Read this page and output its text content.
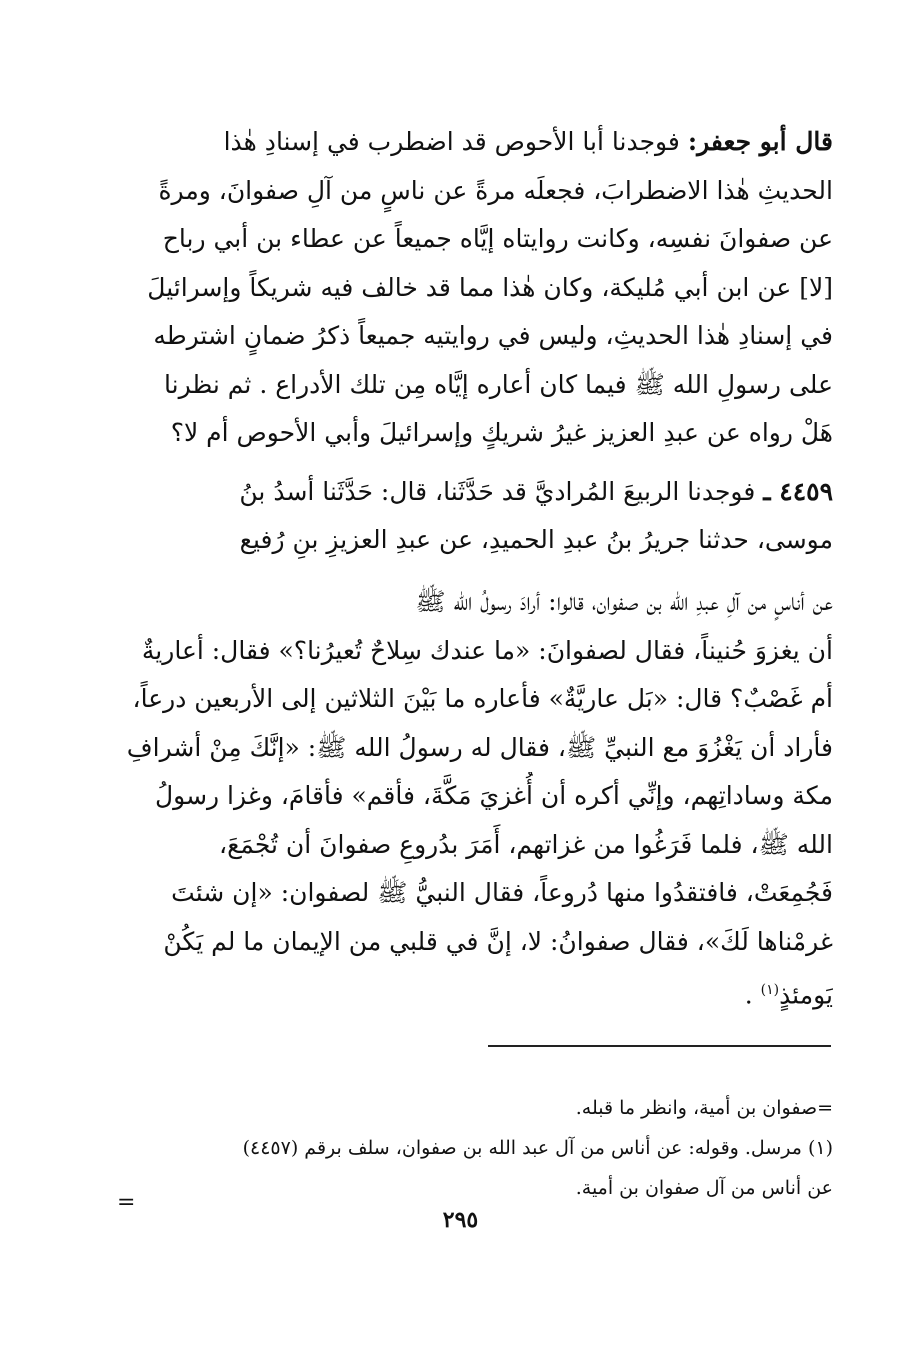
قال أبو جعفر: فوجدنا أبا الأحوص قد اضطرب في إسنادِ هٰذا
الحديثِ هٰذا الاضطرابَ، فجعلَه مرةً عن ناسٍ من آلِ صفوانَ، ومرةً
عن صفوانَ نفسِه، وكانت روايتاه إيَّاه جميعاً عن عطاء بن أبي رباح
[لا] عن ابن أبي مُليكة، وكان هٰذا مما قد خالف فيه شريكاً وإسرائيلَ
في إسنادِ هٰذا الحديثِ، وليس في روايتيه جميعاً ذكرُ ضمانٍ اشترطه
على رسولِ الله ﷺ فيما كان أعاره إيَّاه مِن تلك الأدراع . ثم نظرنا
هَلْ رواه عن عبدِ العزيز غيرُ شريكٍ وإسرائيلَ وأبي الأحوص أم لا؟
٤٤٥٩ ـ فوجدنا الربيعَ المُراديَّ قد حَدَّثَنا، قال: حَدَّثَنا أسدُ بنُ
موسى، حدثنا جريرُ بنُ عبدِ الحميدِ، عن عبدِ العزيزِ بنِ رُفيع
عن أناسٍ من آلِ عبدِ الله بن صفوان، قالوا: أرادَ رسولُ الله ﷺ
أن يغزوَ حُنيناً، فقال لصفوانَ: «ما عندك سِلاحٌ تُعيرُنا؟» فقال: أعاريةٌ
أم غَصْبٌ؟ قال: «بَل عاريَّةٌ» فأعاره ما بَيْنَ الثلاثين إلى الأربعين درعاً،
فأراد أن يَغْزُوَ مع النبيِّ ﷺ، فقال له رسولُ الله ﷺ: «إنَّكَ مِنْ أشرافِ
مكة وساداتِهم، وإنِّي أكره أن أُغزيَ مَكَّةَ، فأقم» فأقامَ، وغزا رسولُ
الله ﷺ، فلما فَرَغُوا من غزاتهم، أَمَرَ بدُروعِ صفوانَ أن تُجْمَعَ،
فَجُمِعَتْ، فافتقدُوا منها دُروعاً، فقال النبيُّ ﷺ لصفوان: «إن شئتَ
غرمْناها لَكَ»، فقال صفوانُ: لا، إنَّ في قلبي من الإيمان ما لم يَكُنْ
يَومئذٍ$^{(١)}$ .
=صفوان بن أمية، وانظر ما قبله.
(١) مرسل. وقوله: عن أناس من آل عبد الله بن صفوان، سلف برقم (٤٤٥٧)
عن أناس من آل صفوان بن أمية.
=
٢٩٥
